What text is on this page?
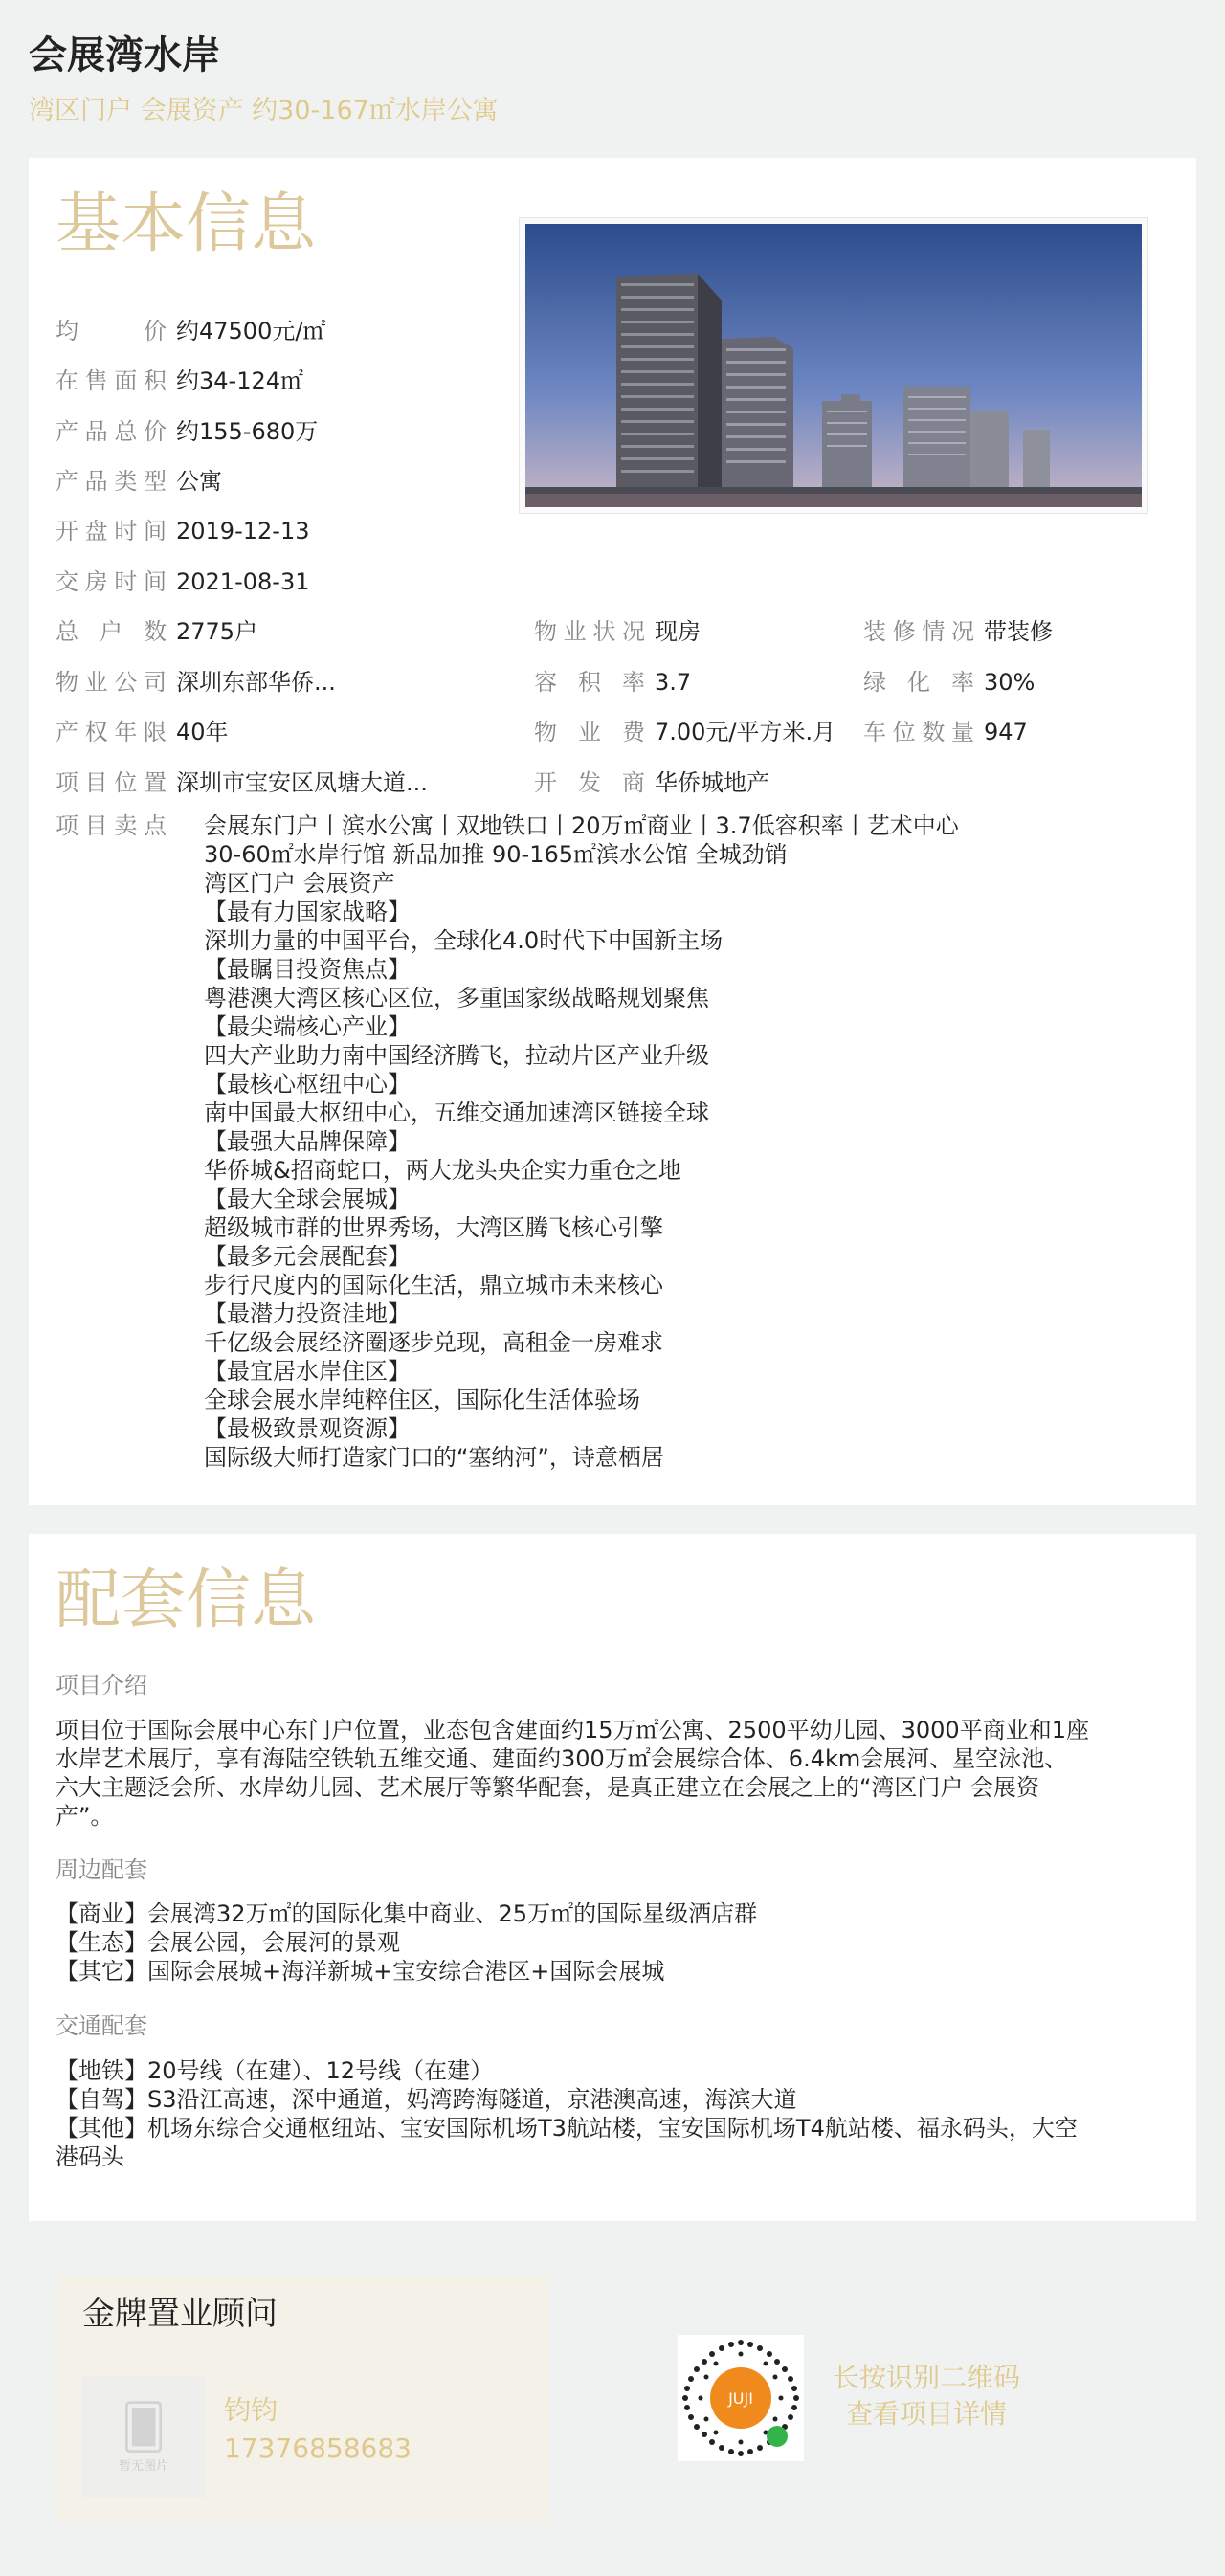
会展湾水岸
湾区门户 会展资产 约30-167㎡水岸公寓
基本信息
均价 约47500元/㎡
在售面积 约34-124㎡
产品总价 约155-680万
产品类型 公寓
开盘时间 2019-12-13
交房时间 2021-08-31
总户数 2775户
物业公司 深圳东部华侨...
产权年限 40年
项目位置 深圳市宝安区凤塘大道...
物业状况 现房
容积率 3.7
物业费 7.00元/平方米.月
开发商 华侨城地产
装修情况 带装修
绿化率 30%
车位数量 947
项目卖点 会展东门户丨滨水公寓丨双地铁口丨20万㎡商业丨3.7低容积率丨艺术中心
30-60㎡水岸行馆 新品加推 90-165㎡滨水公馆 全城劲销
湾区门户 会展资产
【最有力国家战略】
深圳力量的中国平台，全球化4.0时代下中国新主场
【最瞩目投资焦点】
粤港澳大湾区核心区位，多重国家级战略规划聚焦
【最尖端核心产业】
四大产业助力南中国经济腾飞，拉动片区产业升级
【最核心枢纽中心】
南中国最大枢纽中心，五维交通加速湾区链接全球
【最强大品牌保障】
华侨城&招商蛇口，两大龙头央企实力重仓之地
【最大全球会展城】
超级城市群的世界秀场，大湾区腾飞核心引擎
【最多元会展配套】
步行尺度内的国际化生活，鼎立城市未来核心
【最潜力投资洼地】
千亿级会展经济圈逐步兑现，高租金一房难求
【最宜居水岸住区】
全球会展水岸纯粹住区，国际化生活体验场
【最极致景观资源】
国际级大师打造家门口的“塞纳河”，诗意栖居
配套信息
项目介绍
项目位于国际会展中心东门户位置，业态包含建面约15万㎡公寓、2500平幼儿园、3000平商业和1座
水岸艺术展厅，享有海陆空铁轨五维交通、建面约300万㎡会展综合体、6.4km会展河、星空泳池、
六大主题泛会所、水岸幼儿园、艺术展厅等繁华配套，是真正建立在会展之上的“湾区门户 会展资
产”。
周边配套
【商业】会展湾32万㎡的国际化集中商业、25万㎡的国际星级酒店群
【生态】会展公园，会展河的景观
【其它】国际会展城+海洋新城+宝安综合港区+国际会展城
交通配套
【地铁】20号线（在建）、12号线（在建）
【自驾】S3沿江高速，深中通道，妈湾跨海隧道，京港澳高速，海滨大道
【其他】机场东综合交通枢纽站、宝安国际机场T3航站楼，宝安国际机场T4航站楼、福永码头，大空
港码头
金牌置业顾问
🂠
暂无图片
钧钧
17376858683
JUJI
长按识别二维码
查看项目详情
